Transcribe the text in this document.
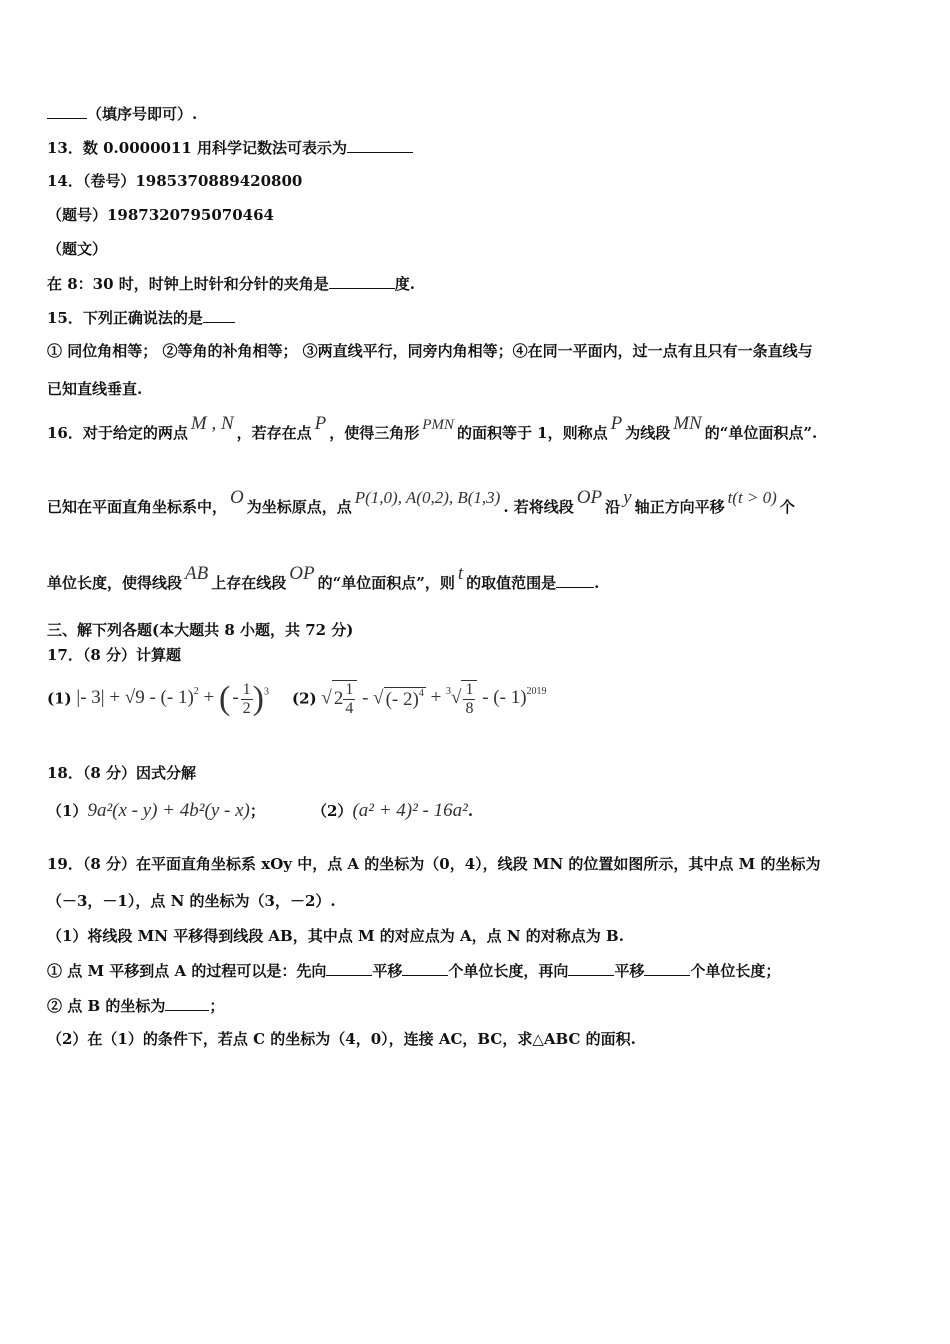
（填序号即可）.
13．数 0.0000011 用科学记数法可表示为
14．（卷号）1985370889420800
（题号）1987320795070464
（题文）
在 8：30 时，时钟上时针和分针的夹角是	度.
15．下列正确说法的是
① 同位角相等； ②等角的补角相等； ③两直线平行，同旁内角相等；④在同一平面内，过一点有且只有一条直线与
已知直线垂直.
16．对于给定的两点 M , N ，若存在点 P ，使得三角形 PMN 的面积等于 1，则称点 P 为线段 MN 的“单位面积点”.
已知在平面直角坐标系中， O 为坐标原点，点 P(1,0), A(0,2), B(1,3) . 若将线段 OP 沿 y 轴正方向平移 t(t > 0) 个
单位长度，使得线段 AB 上存在线段 OP 的“单位面积点”，则 t 的取值范围是	.
三、解下列各题(本大题共 8 小题，共 72 分)
17．（8 分）计算题
(1) |- 3| + √9 - (- 1)$^2$ + ( - $\frac{1}{2} )^3$ (2) √ $2 \frac{1}{4}$ - √ (- $2)^4 + ^3√ \frac{1}{8}$ - (- 1)$^{2019}$
18．（8 分）因式分解
（1）9a²(x - y) + 4b²(y - x)；	（2）(a² + 4)² - 16a².
19．（8 分）在平面直角坐标系 xOy 中，点 A 的坐标为（0，4），线段 MN 的位置如图所示，其中点 M 的坐标为
（－3，－1），点 N 的坐标为（3，－2）.
（1）将线段 MN 平移得到线段 AB，其中点 M 的对应点为 A，点 N 的对称点为 B.
① 点 M 平移到点 A 的过程可以是：先向	平移	个单位长度，再向	平移	个单位长度；
② 点 B 的坐标为	；
（2）在（1）的条件下，若点 C 的坐标为（4，0），连接 AC，BC，求△ABC 的面积.
